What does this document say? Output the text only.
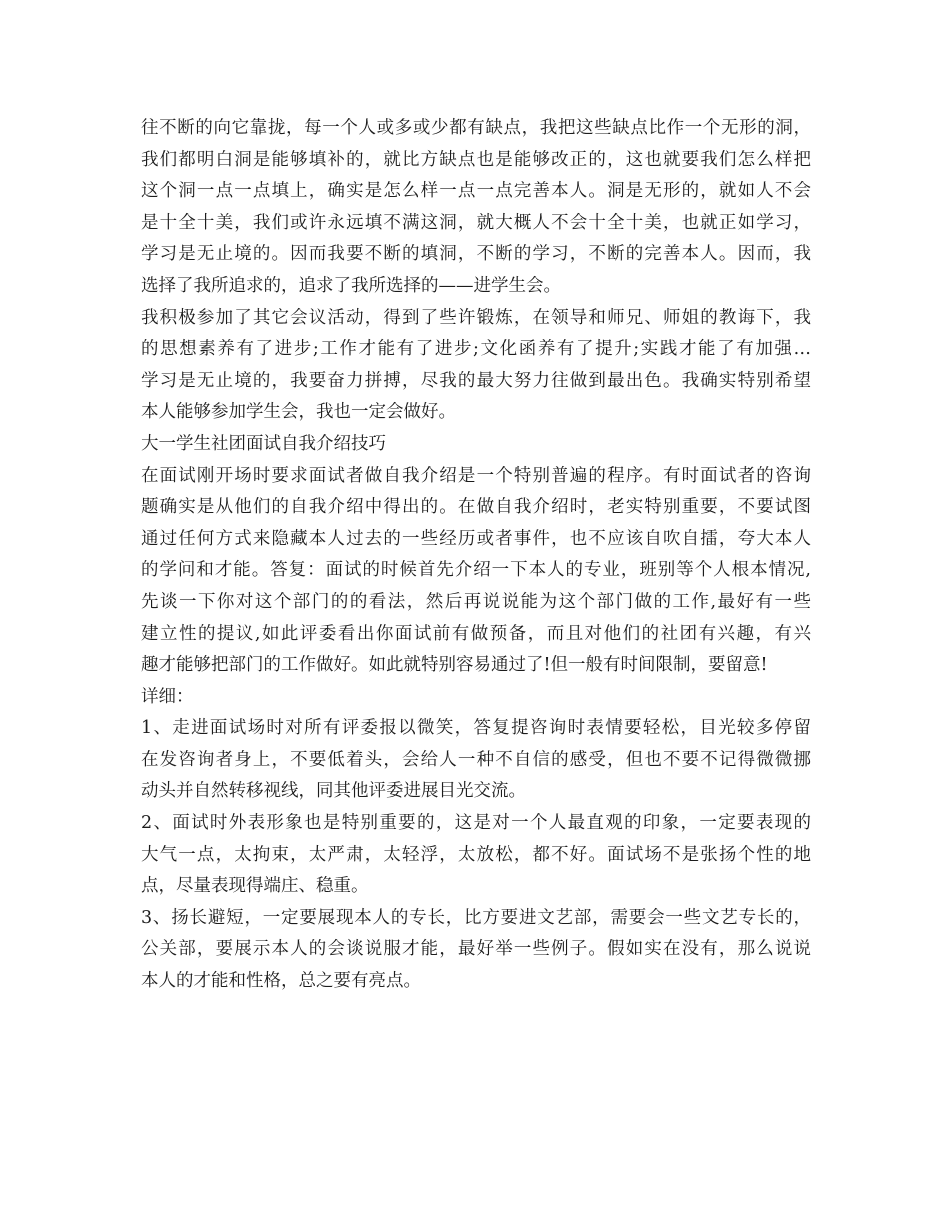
往不断的向它靠拢，每一个人或多或少都有缺点，我把这些缺点比作一个无形的洞，
我们都明白洞是能够填补的，就比方缺点也是能够改正的，这也就要我们怎么样把
这个洞一点一点填上，确实是怎么样一点一点完善本人。洞是无形的，就如人不会
是十全十美，我们或许永远填不满这洞，就大概人不会十全十美，也就正如学习，
学习是无止境的。因而我要不断的填洞，不断的学习，不断的完善本人。因而，我
选择了我所追求的，追求了我所选择的——进学生会。
我积极参加了其它会议活动，得到了些许锻炼，在领导和师兄、师姐的教诲下，我
的思想素养有了进步;工作才能有了进步;文化函养有了提升;实践才能了有加强…
学习是无止境的，我要奋力拼搏，尽我的最大努力往做到最出色。我确实特别希望
本人能够参加学生会，我也一定会做好。
大一学生社团面试自我介绍技巧
在面试刚开场时要求面试者做自我介绍是一个特别普遍的程序。有时面试者的咨询
题确实是从他们的自我介绍中得出的。在做自我介绍时，老实特别重要，不要试图
通过任何方式来隐藏本人过去的一些经历或者事件，也不应该自吹自擂，夸大本人
的学问和才能。答复：面试的时候首先介绍一下本人的专业，班别等个人根本情况,
先谈一下你对这个部门的的看法，然后再说说能为这个部门做的工作,最好有一些
建立性的提议,如此评委看出你面试前有做预备，而且对他们的社团有兴趣，有兴
趣才能够把部门的工作做好。如此就特别容易通过了!但一般有时间限制，要留意!
详细：
1、走进面试场时对所有评委报以微笑，答复提咨询时表情要轻松，目光较多停留
在发咨询者身上，不要低着头，会给人一种不自信的感受，但也不要不记得微微挪
动头并自然转移视线，同其他评委进展目光交流。
2、面试时外表形象也是特别重要的，这是对一个人最直观的印象，一定要表现的
大气一点，太拘束，太严肃，太轻浮，太放松，都不好。面试场不是张扬个性的地
点，尽量表现得端庄、稳重。
3、扬长避短，一定要展现本人的专长，比方要进文艺部，需要会一些文艺专长的，
公关部，要展示本人的会谈说服才能，最好举一些例子。假如实在没有，那么说说
本人的才能和性格，总之要有亮点。
